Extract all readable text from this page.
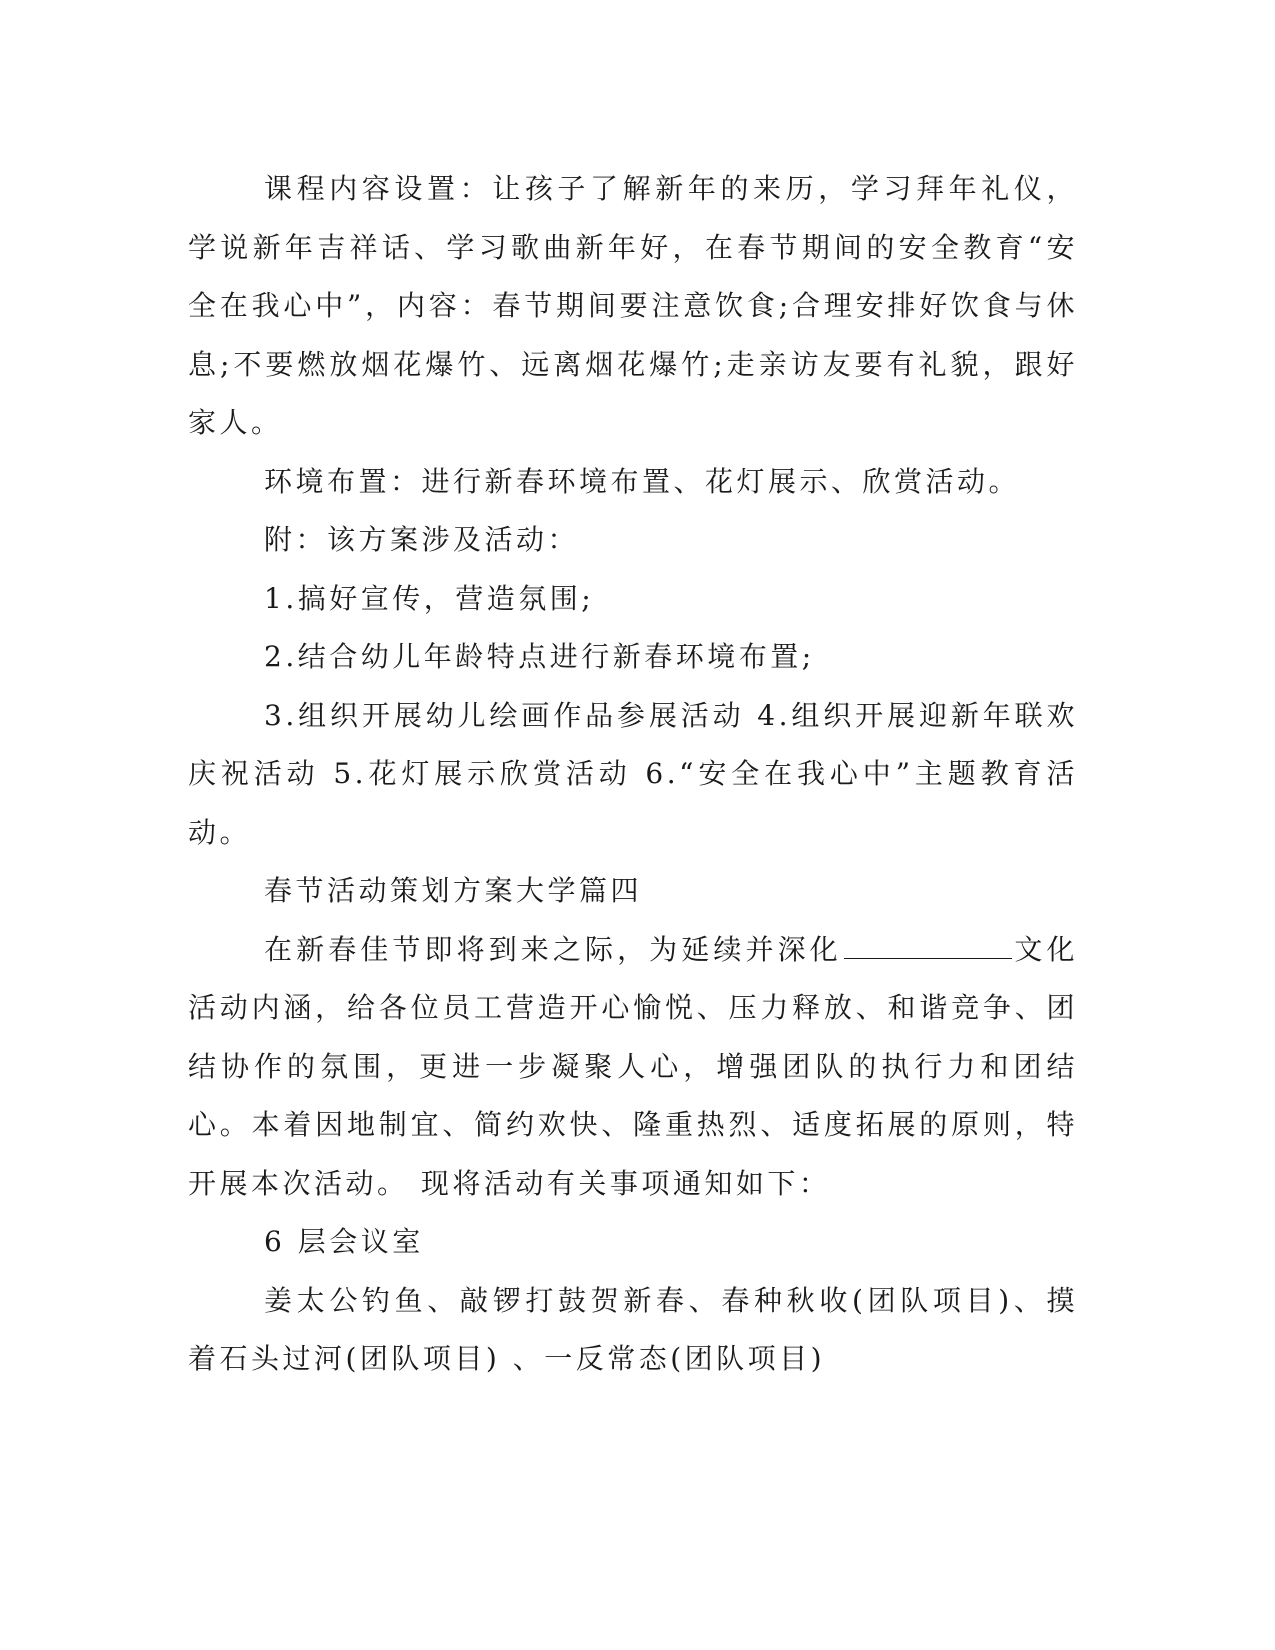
课程内容设置：让孩子了解新年的来历，学习拜年礼仪，学说新年吉祥话、学习歌曲新年好，在春节期间的安全教育“安全在我心中”，内容：春节期间要注意饮食;合理安排好饮食与休息;不要燃放烟花爆竹、远离烟花爆竹;走亲访友要有礼貌，跟好家人。

环境布置：进行新春环境布置、花灯展示、欣赏活动。

附：该方案涉及活动：

1.搞好宣传，营造氛围;

2.结合幼儿年龄特点进行新春环境布置;

3.组织开展幼儿绘画作品参展活动 4.组织开展迎新年联欢庆祝活动 5.花灯展示欣赏活动 6.“安全在我心中”主题教育活动。

春节活动策划方案大学篇四

在新春佳节即将到来之际，为延续并深化	文化活动内涵，给各位员工营造开心愉悦、压力释放、和谐竞争、团结协作的氛围，更进一步凝聚人心，增强团队的执行力和团结心。本着因地制宜、简约欢快、隆重热烈、适度拓展的原则，特开展本次活动。 现将活动有关事项通知如下：

6 层会议室

姜太公钓鱼、敲锣打鼓贺新春、春种秋收(团队项目)、摸着石头过河(团队项目) 、一反常态(团队项目)
